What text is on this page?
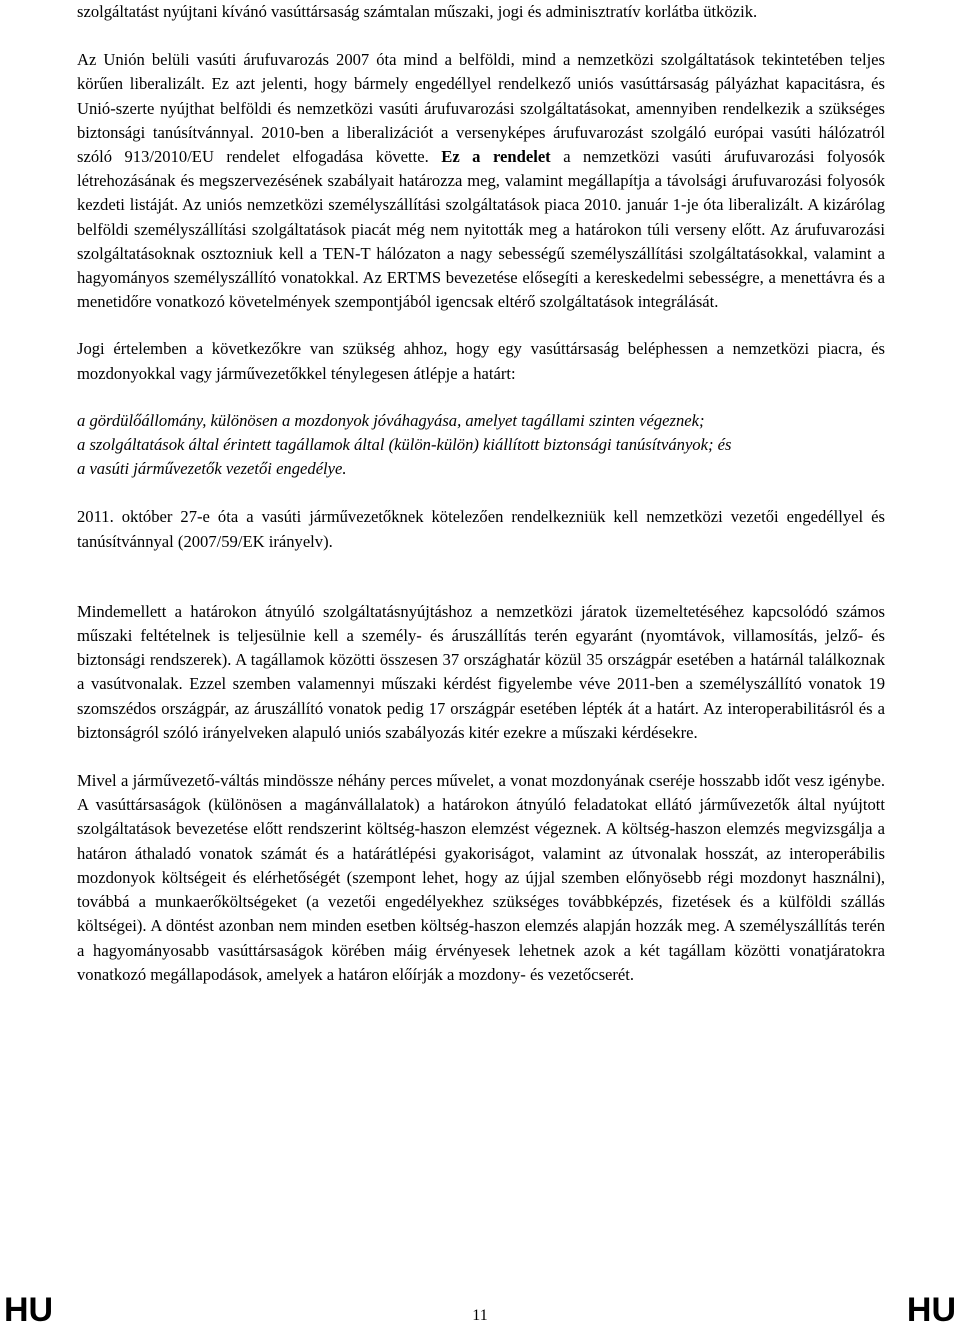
szolgáltatást nyújtani kívánó vasúttársaság számtalan műszaki, jogi és adminisztratív korlátba ütközik.

Az Unión belüli vasúti árufuvarozás 2007 óta mind a belföldi, mind a nemzetközi szolgáltatások tekintetében teljes körűen liberalizált. Ez azt jelenti, hogy bármely engedéllyel rendelkező uniós vasúttársaság pályázhat kapacitásra, és Unió-szerte nyújthat belföldi és nemzetközi vasúti árufuvarozási szolgáltatásokat, amennyiben rendelkezik a szükséges biztonsági tanúsítvánnyal. 2010-ben a liberalizációt a versenyképes árufuvarozást szolgáló európai vasúti hálózatról szóló 913/2010/EU rendelet elfogadása követte. Ez a rendelet a nemzetközi vasúti árufuvarozási folyosók létrehozásának és megszervezésének szabályait határozza meg, valamint megállapítja a távolsági árufuvarozási folyosók kezdeti listáját. Az uniós nemzetközi személyszállítási szolgáltatások piaca 2010. január 1-je óta liberalizált. A kizárólag belföldi személyszállítási szolgáltatások piacát még nem nyitották meg a határokon túli verseny előtt. Az árufuvarozási szolgáltatásoknak osztozniuk kell a TEN-T hálózaton a nagy sebességű személyszállítási szolgáltatásokkal, valamint a hagyományos személyszállító vonatokkal. Az ERTMS bevezetése elősegíti a kereskedelmi sebességre, a menettávra és a menetidőre vonatkozó követelmények szempontjából igencsak eltérő szolgáltatások integrálását.

Jogi értelemben a következőkre van szükség ahhoz, hogy egy vasúttársaság beléphessen a nemzetközi piacra, és mozdonyokkal vagy járművezetőkkel ténylegesen átlépje a határt:

a gördülőállomány, különösen a mozdonyok jóváhagyása, amelyet tagállami szinten végeznek;
a szolgáltatások által érintett tagállamok által (külön-külön) kiállított biztonsági tanúsítványok; és
a vasúti járművezetők vezetői engedélye.

2011. október 27-e óta a vasúti járművezetőknek kötelezően rendelkezniük kell nemzetközi vezetői engedéllyel és tanúsítvánnyal (2007/59/EK irányelv).

Mindemellett a határokon átnyúló szolgáltatásnyújtáshoz a nemzetközi járatok üzemeltetéséhez kapcsolódó számos műszaki feltételnek is teljesülnie kell a személy- és áruszállítás terén egyaránt (nyomtávok, villamosítás, jelző- és biztonsági rendszerek). A tagállamok közötti összesen 37 országhatár közül 35 országpár esetében a határnál találkoznak a vasútvonalak. Ezzel szemben valamennyi műszaki kérdést figyelembe véve 2011-ben a személyszállító vonatok 19 szomszédos országpár, az áruszállító vonatok pedig 17 országpár esetében lépték át a határt. Az interoperabilitásról és a biztonságról szóló irányelveken alapuló uniós szabályozás kitér ezekre a műszaki kérdésekre.

Mivel a járművezető-váltás mindössze néhány perces művelet, a vonat mozdonyának cseréje hosszabb időt vesz igénybe. A vasúttársaságok (különösen a magánvállalatok) a határokon átnyúló feladatokat ellátó járművezetők által nyújtott szolgáltatások bevezetése előtt rendszerint költség-haszon elemzést végeznek. A költség-haszon elemzés megvizsgálja a határon áthaladó vonatok számát és a határátlépési gyakoriságot, valamint az útvonalak hosszát, az interoperábilis mozdonyok költségeit és elérhetőségét (szempont lehet, hogy az újjal szemben előnyösebb régi mozdonyt használni), továbbá a munkaerőköltségeket (a vezetői engedélyekhez szükséges továbbképzés, fizetések és a külföldi szállás költségei). A döntést azonban nem minden esetben költség-haszon elemzés alapján hozzák meg. A személyszállítás terén a hagyományosabb vasúttársaságok körében máig érvényesek lehetnek azok a két tagállam közötti vonatjáratokra vonatkozó megállapodások, amelyek a határon előírják a mozdony- és vezetőcserét.

HU	11	HU
